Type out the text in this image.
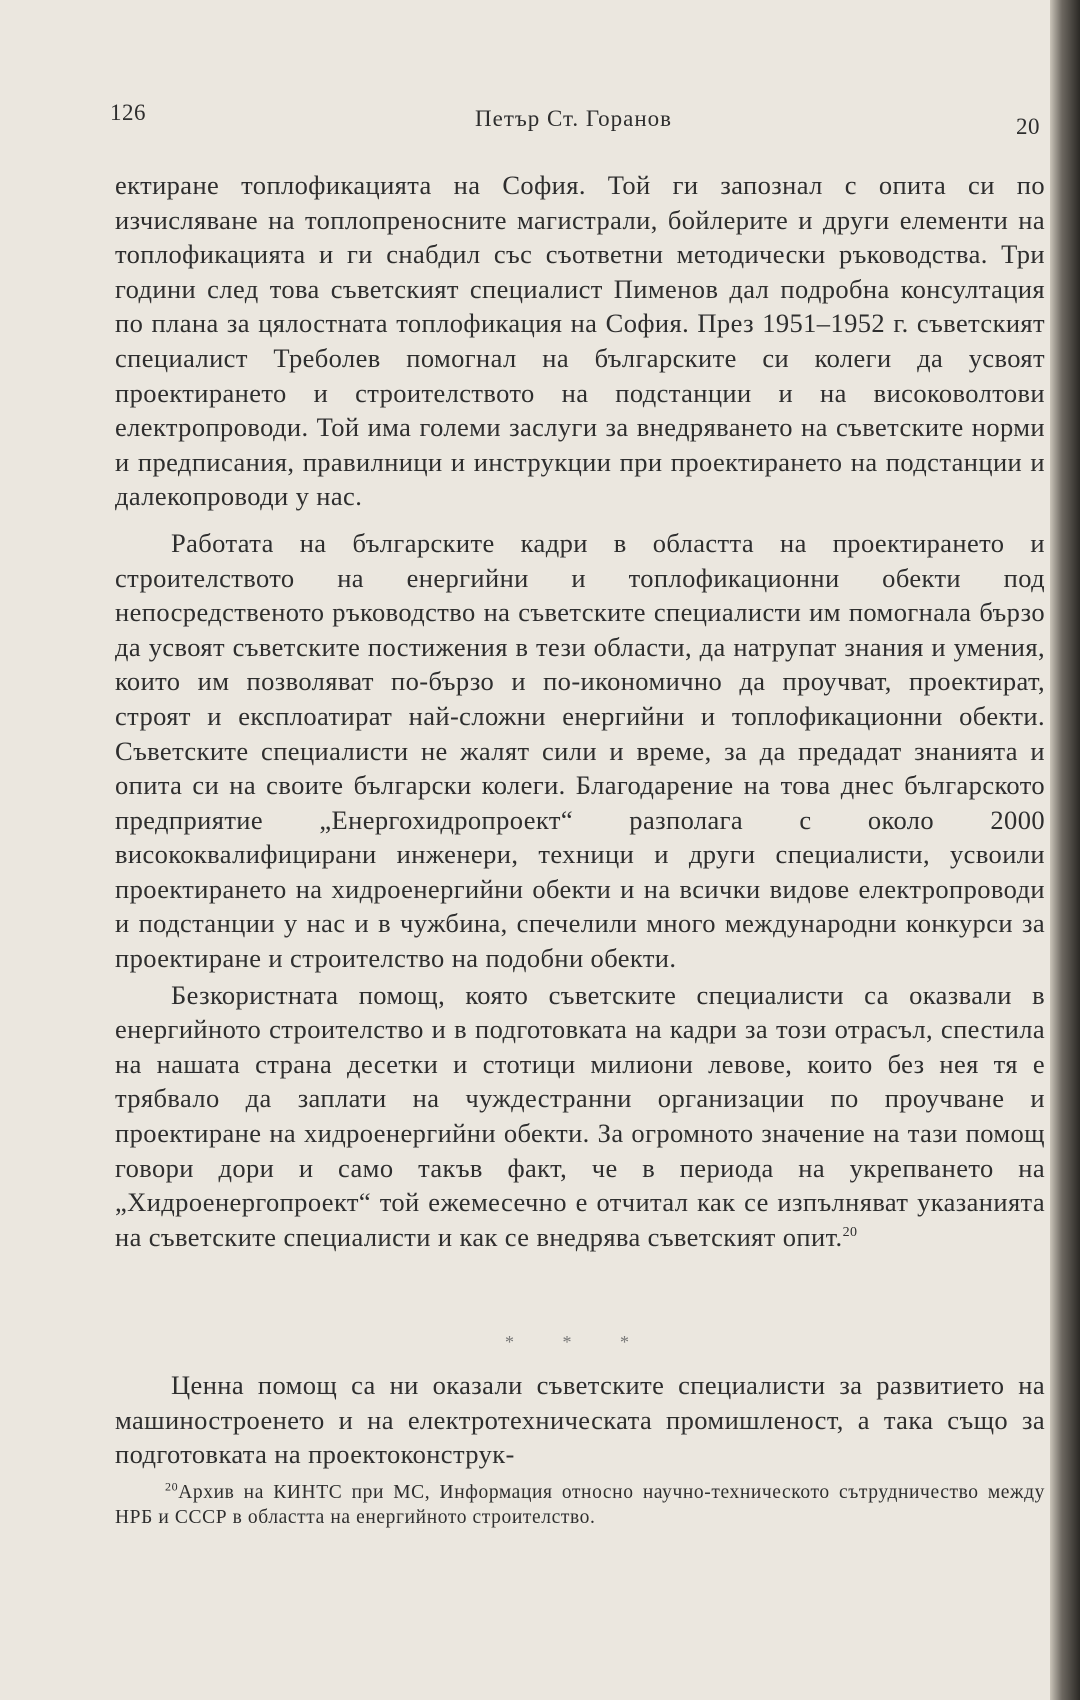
126	Петър Ст. Горанов	20

ектиране топлофикацията на София. Той ги запознал с опита си по изчисляване на топлопреносните магистрали, бойлерите и други елементи на топлофикацията и ги снабдил със съответни методически ръководства. Три години след това съветският специалист Пименов дал подробна консултация по плана за цялостната топлофикация на София. През 1951–1952 г. съветският специалист Треболев помогнал на българските си колеги да усвоят проектирането и строителството на подстанции и на високоволтови електропроводи. Той има големи заслуги за внедряването на съветските норми и предписания, правилници и инструкции при проектирането на подстанции и далекопроводи у нас.

Работата на българските кадри в областта на проектирането и строителството на енергийни и топлофикационни обекти под непосредственото ръководство на съветските специалисти им помогнала бързо да усвоят съветските постижения в тези области, да натрупат знания и умения, които им позволяват по-бързо и по-икономично да проучват, проектират, строят и експлоатират най-сложни енергийни и топлофикационни обекти. Съветските специалисти не жалят сили и време, за да предадат знанията и опита си на своите български колеги. Благодарение на това днес българското предприятие „Енергохидропроект“ разполага с около 2000 висококвалифицирани инженери, техници и други специалисти, усвоили проектирането на хидроенергийни обекти и на всички видове електропроводи и подстанции у нас и в чужбина, спечелили много международни конкурси за проектиране и строителство на подобни обекти.

Безкористната помощ, която съветските специалисти са оказвали в енергийното строителство и в подготовката на кадри за този отрасъл, спестила на нашата страна десетки и стотици милиони левове, които без нея тя е трябвало да заплати на чуждестранни организации по проучване и проектиране на хидроенергийни обекти. За огромното значение на тази помощ говори дори и само такъв факт, че в периода на укрепването на „Хидроенергопроект“ той ежемесечно е отчитал как се изпълняват указанията на съветските специалисти и как се внедрява съветският опит.$^{20}$

* * *

Ценна помощ са ни оказали съветските специалисти за развитието на машиностроенето и на електротехническата промишленост, а така също за подготовката на проектоконструк-

$^{20}$Архив на КИНТС при МС, Информация относно научно-техническото сътрудничество между НРБ и СССР в областта на енергийното строителство.
